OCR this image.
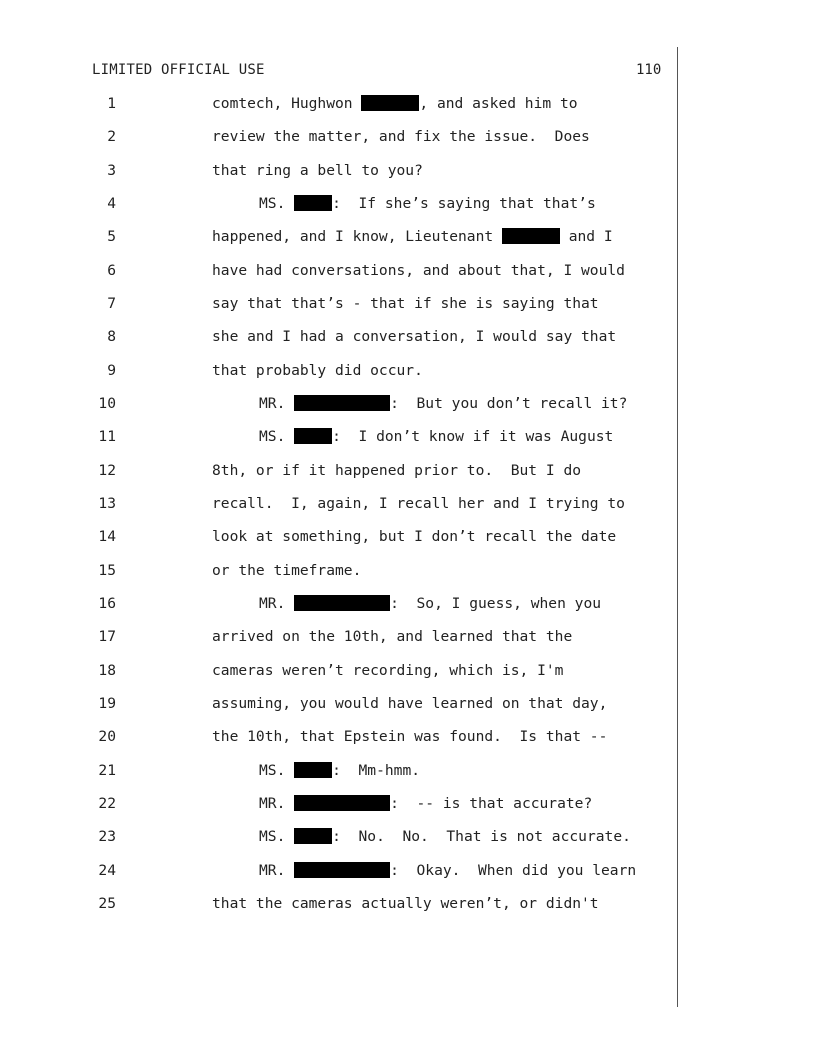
LIMITED OFFICIAL USE	110
1	comtech, Hughwon	, and asked him to
2	review the matter, and fix the issue.  Does
3	that ring a bell to you?
4	MS.	:  If she’s saying that that’s
5	happened, and I know, Lieutenant	and I
6	have had conversations, and about that, I would
7	say that that’s - that if she is saying that
8	she and I had a conversation, I would say that
9	that probably did occur.
10	MR.	:  But you don’t recall it?
11	MS.	:  I don’t know if it was August
12	8th, or if it happened prior to.  But I do
13	recall.  I, again, I recall her and I trying to
14	look at something, but I don’t recall the date
15	or the timeframe.
16	MR.	:  So, I guess, when you
17	arrived on the 10th, and learned that the
18	cameras weren’t recording, which is, I'm
19	assuming, you would have learned on that day,
20	the 10th, that Epstein was found.  Is that --
21	MS.	:  Mm-hmm.
22	MR.	:  -- is that accurate?
23	MS.	:  No.  No.  That is not accurate.
24	MR.	:  Okay.  When did you learn
25	that the cameras actually weren’t, or didn't
